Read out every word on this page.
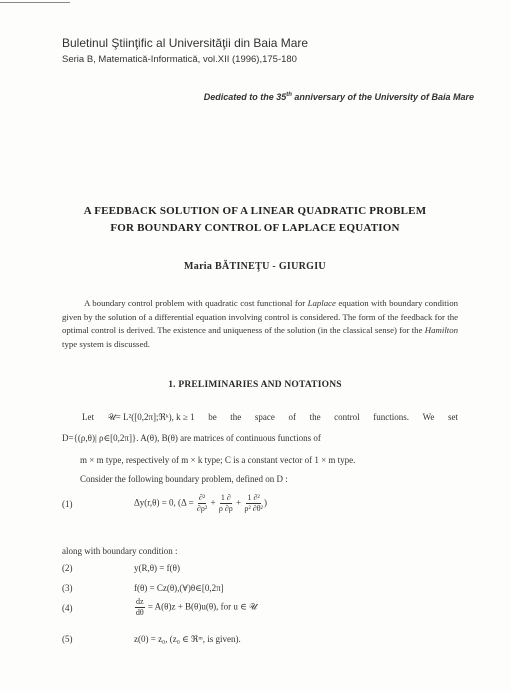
Buletinul Ştiinţific al Universităţii din Baia Mare
Seria B, Matematică-Informatică, vol.XII (1996),175-180
Dedicated to the 35th anniversary of the University of Baia Mare
A FEEDBACK SOLUTION OF A LINEAR QUADRATIC PROBLEM
FOR BOUNDARY CONTROL OF LAPLACE EQUATION
Maria BĂTINEŢU - GIURGIU
A boundary control problem with quadratic cost functional for Laplace equation with boundary condition given by the solution of a differential equation involving control is considered. The form of the feedback for the optimal control is derived. The existence and uniqueness of the solution (in the classical sense) for the Hamilton type system is discussed.
1. PRELIMINARIES AND NOTATIONS
Let 𝒰= L²([0,2π];ℜᵏ), k ≥ 1 be the space of the control functions. We set
D={(ρ,θ)| ρ∈[0,2π]}. A(θ), B(θ) are matrices of continuous functions of
m × m type, respectively of m × k type; C is a constant vector of 1 × m type.
Consider the following boundary problem, defined on D :
(1)	Δy(r,θ) = 0, ($\Delta = \frac{\text{∂²}}{\text{∂ρ²}} + \frac{1 \partial}{\rho \partial\rho} + \frac{\text{1 ∂²}}{\text{ρ² ∂θ²}}$ )
along with boundary condition :
(2)	y(R,θ) = f(θ)
(3)	f(θ) = Cz(θ),(∀)θ∈[0,2π]
(4)	$\frac{dz}{d\theta} = A(\theta)z + B(\theta)u(\theta)$, for u ∈ 𝒰
(5)	z(0) = z₀, (z₀ ∈ ℜᵐ, is given).
